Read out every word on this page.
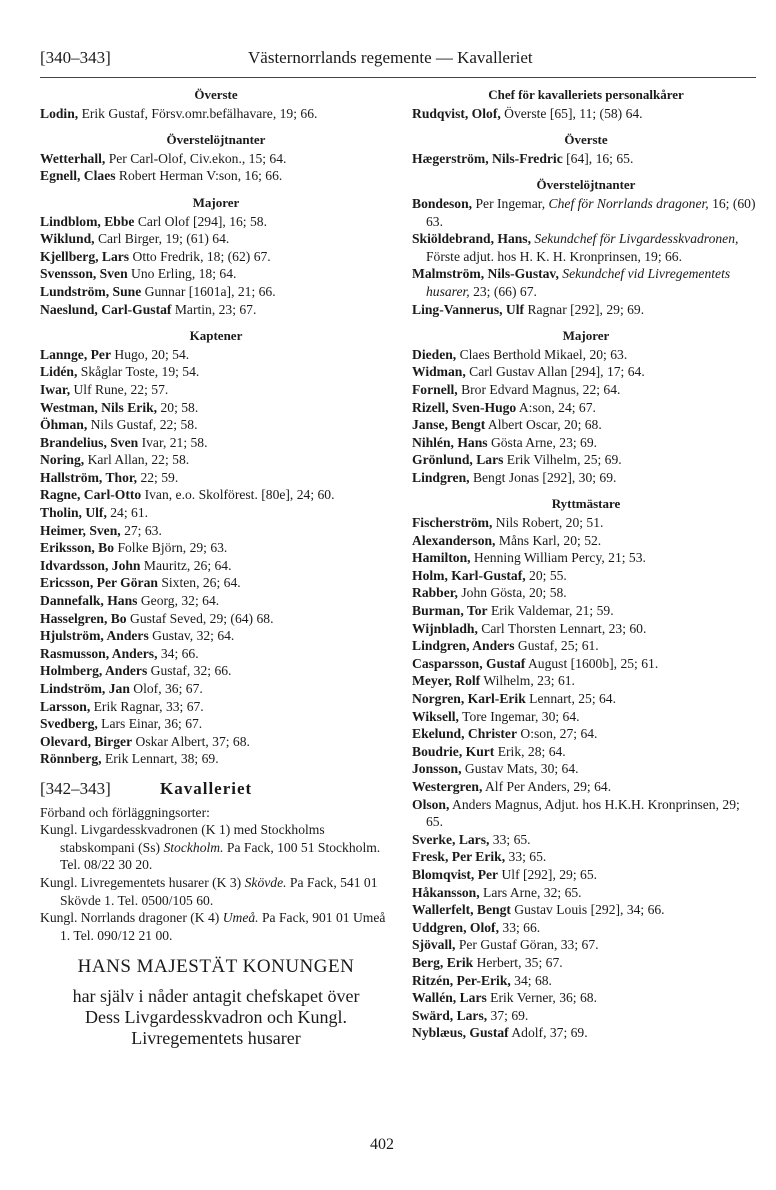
[340–343]	Västernorrlands regemente — Kavalleriet
Överste
Lodin, Erik Gustaf, Försv.omr.befälhavare, 19; 66.
Överstelöjtnanter
Wetterhall, Per Carl-Olof, Civ.ekon., 15; 64.
Egnell, Claes Robert Herman V:son, 16; 66.
Majorer
Lindblom, Ebbe Carl Olof [294], 16; 58.
Wiklund, Carl Birger, 19; (61) 64.
Kjellberg, Lars Otto Fredrik, 18; (62) 67.
Svensson, Sven Uno Erling, 18; 64.
Lundström, Sune Gunnar [1601a], 21; 66.
Naeslund, Carl-Gustaf Martin, 23; 67.
Kaptener
Lannge, Per Hugo, 20; 54.
Lidén, Skåglar Toste, 19; 54.
Iwar, Ulf Rune, 22; 57.
Westman, Nils Erik, 20; 58.
Öhman, Nils Gustaf, 22; 58.
Brandelius, Sven Ivar, 21; 58.
Noring, Karl Allan, 22; 58.
Hallström, Thor, 22; 59.
Ragne, Carl-Otto Ivan, e.o. Skolförest. [80e], 24; 60.
Tholin, Ulf, 24; 61.
Heimer, Sven, 27; 63.
Eriksson, Bo Folke Björn, 29; 63.
Idvardsson, John Mauritz, 26; 64.
Ericsson, Per Göran Sixten, 26; 64.
Dannefalk, Hans Georg, 32; 64.
Hasselgren, Bo Gustaf Seved, 29; (64) 68.
Hjulström, Anders Gustav, 32; 64.
Rasmusson, Anders, 34; 66.
Holmberg, Anders Gustaf, 32; 66.
Lindström, Jan Olof, 36; 67.
Larsson, Erik Ragnar, 33; 67.
Svedberg, Lars Einar, 36; 67.
Olevard, Birger Oskar Albert, 37; 68.
Rönnberg, Erik Lennart, 38; 69.
[342–343]	Kavalleriet
Förband och förläggningsorter:
Kungl. Livgardesskvadronen (K 1) med Stockholms stabskompani (Ss) Stockholm. Pa Fack, 100 51 Stockholm. Tel. 08/22 30 20.
Kungl. Livregementets husarer (K 3) Skövde. Pa Fack, 541 01 Skövde 1. Tel. 0500/105 60.
Kungl. Norrlands dragoner (K 4) Umeå. Pa Fack, 901 01 Umeå 1. Tel. 090/12 21 00.
HANS MAJESTÄT KONUNGEN
har själv i nåder antagit chefskapet över
Dess Livgardesskvadron och Kungl.
Livregementets husarer
Chef för kavalleriets personalkårer
Rudqvist, Olof, Överste [65], 11; (58) 64.
Överste
Hægerström, Nils-Fredric [64], 16; 65.
Överstelöjtnanter
Bondeson, Per Ingemar, Chef för Norrlands dragoner, 16; (60) 63.
Skiöldebrand, Hans, Sekundchef för Livgardesskvadronen, Förste adjut. hos H. K. H. Kronprinsen, 19; 66.
Malmström, Nils-Gustav, Sekundchef vid Livregementets husarer, 23; (66) 67.
Ling-Vannerus, Ulf Ragnar [292], 29; 69.
Majorer
Dieden, Claes Berthold Mikael, 20; 63.
Widman, Carl Gustav Allan [294], 17; 64.
Fornell, Bror Edvard Magnus, 22; 64.
Rizell, Sven-Hugo A:son, 24; 67.
Janse, Bengt Albert Oscar, 20; 68.
Nihlén, Hans Gösta Arne, 23; 69.
Grönlund, Lars Erik Vilhelm, 25; 69.
Lindgren, Bengt Jonas [292], 30; 69.
Ryttmästare
Fischerström, Nils Robert, 20; 51.
Alexanderson, Måns Karl, 20; 52.
Hamilton, Henning William Percy, 21; 53.
Holm, Karl-Gustaf, 20; 55.
Rabber, John Gösta, 20; 58.
Burman, Tor Erik Valdemar, 21; 59.
Wijnbladh, Carl Thorsten Lennart, 23; 60.
Lindgren, Anders Gustaf, 25; 61.
Casparsson, Gustaf August [1600b], 25; 61.
Meyer, Rolf Wilhelm, 23; 61.
Norgren, Karl-Erik Lennart, 25; 64.
Wiksell, Tore Ingemar, 30; 64.
Ekelund, Christer O:son, 27; 64.
Boudrie, Kurt Erik, 28; 64.
Jonsson, Gustav Mats, 30; 64.
Westergren, Alf Per Anders, 29; 64.
Olson, Anders Magnus, Adjut. hos H.K.H. Kronprinsen, 29; 65.
Sverke, Lars, 33; 65.
Fresk, Per Erik, 33; 65.
Blomqvist, Per Ulf [292], 29; 65.
Håkansson, Lars Arne, 32; 65.
Wallerfelt, Bengt Gustav Louis [292], 34; 66.
Uddgren, Olof, 33; 66.
Sjövall, Per Gustaf Göran, 33; 67.
Berg, Erik Herbert, 35; 67.
Ritzén, Per-Erik, 34; 68.
Wallén, Lars Erik Verner, 36; 68.
Swärd, Lars, 37; 69.
Nyblæus, Gustaf Adolf, 37; 69.
402
